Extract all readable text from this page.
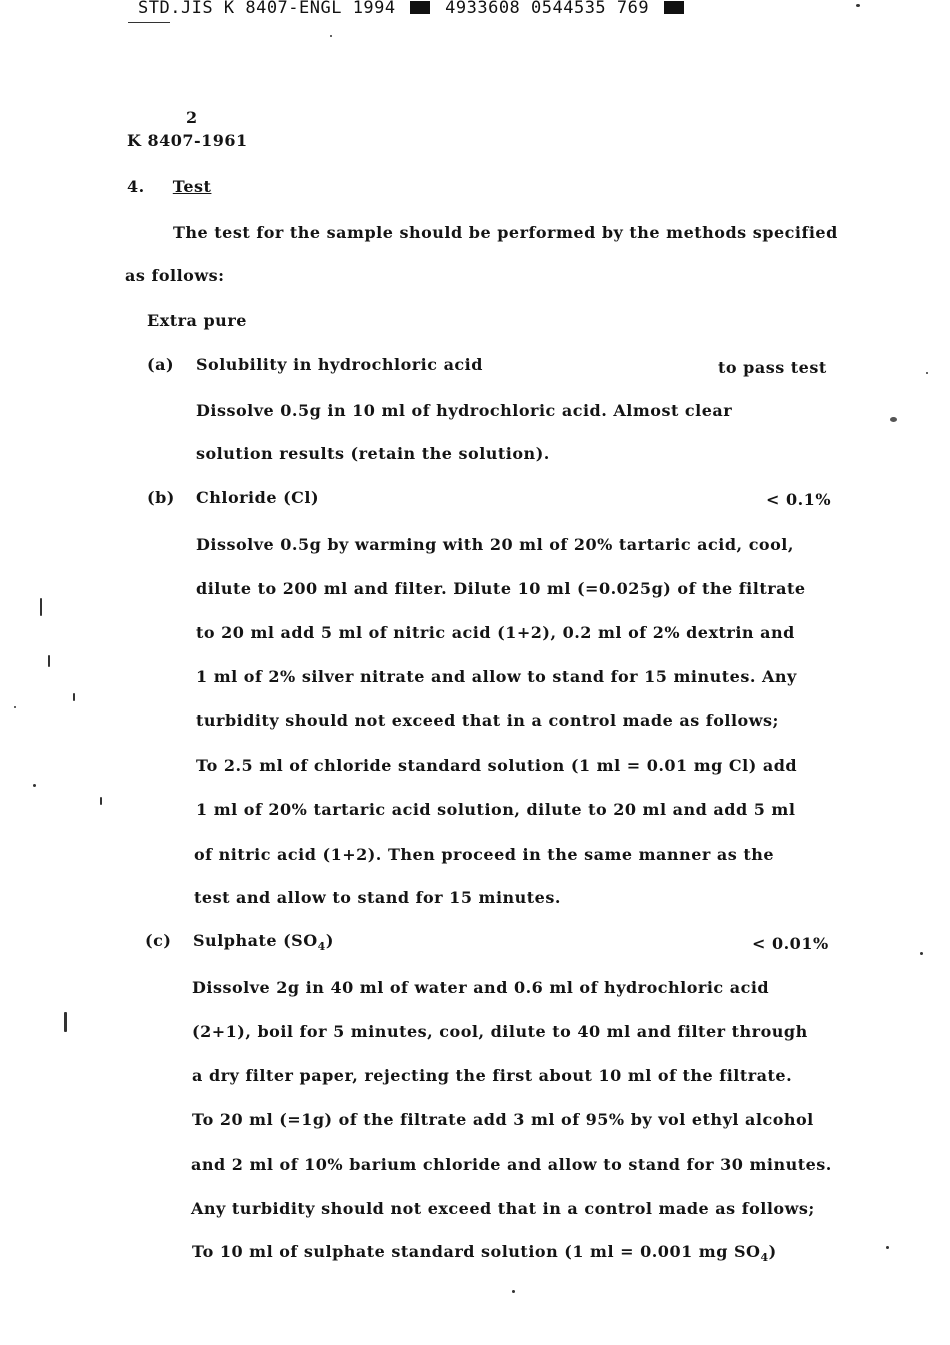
STD.JIS K 8407-ENGL 1994	4933608 0544535 769
2
K 8407-1961
4. Test
The test for the sample should be performed by the methods specified
as follows:
Extra pure
(a) Solubility in hydrochloric acid	to pass test
Dissolve 0.5g in 10 ml of hydrochloric acid. Almost clear
solution results (retain the solution).
(b) Chloride (Cl)	< 0.1%
Dissolve 0.5g by warming with 20 ml of 20% tartaric acid, cool,
dilute to 200 ml and filter. Dilute 10 ml (=0.025g) of the filtrate
to 20 ml add 5 ml of nitric acid (1+2), 0.2 ml of 2% dextrin and
1 ml of 2% silver nitrate and allow to stand for 15 minutes. Any
turbidity should not exceed that in a control made as follows;
To 2.5 ml of chloride standard solution (1 ml = 0.01 mg Cl) add
1 ml of 20% tartaric acid solution, dilute to 20 ml and add 5 ml
of nitric acid (1+2). Then proceed in the same manner as the
test and allow to stand for 15 minutes.
(c) Sulphate $(SO_4)$	< 0.01%
Dissolve 2g in 40 ml of water and 0.6 ml of hydrochloric acid
(2+1), boil for 5 minutes, cool, dilute to 40 ml and filter through
a dry filter paper, rejecting the first about 10 ml of the filtrate.
To 20 ml (=1g) of the filtrate add 3 ml of 95% by vol ethyl alcohol
and 2 ml of 10% barium chloride and allow to stand for 30 minutes.
Any turbidity should not exceed that in a control made as follows;
To 10 ml of sulphate standard solution (1 ml = 0.001 mg $SO_4$)
